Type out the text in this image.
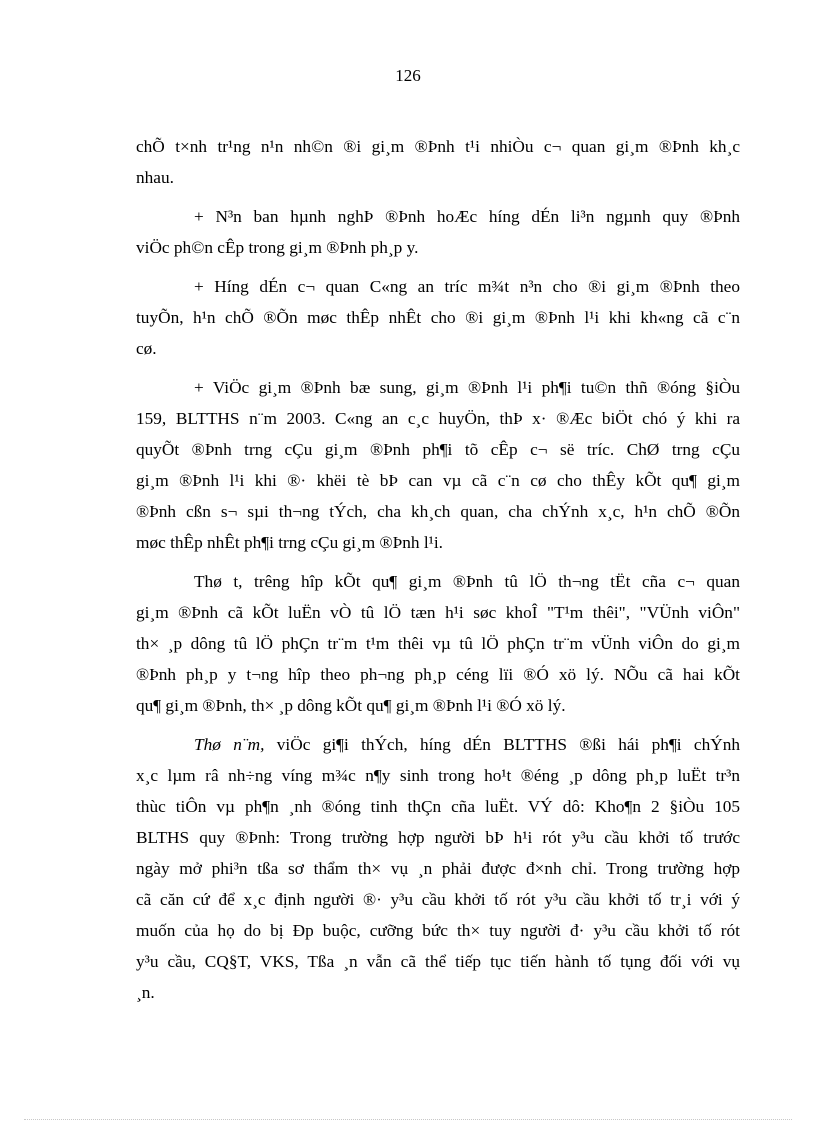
126
chÕ t×nh tr¹ng n¹n nh©n ®i gi¸m ®Þnh t¹i nhiÒu c¬ quan gi¸m ®Þnh kh¸c
nhau.
+ N³n ban hµnh nghÞ ®Þnh hoÆc híng dÉn li³n ngµnh quy ®Þnh
viÖc ph©n cÊp trong gi¸m ®Þnh ph¸p y.
+ Híng dÉn c¬ quan C«ng an tríc m¾t n³n cho ®i gi¸m ®Þnh theo
tuyÕn, h¹n chÕ ®Õn møc thÊp nhÊt cho ®i gi¸m ®Þnh l¹i khi kh«ng cã c¨n
cø.
+ ViÖc gi¸m ®Þnh bæ sung, gi¸m ®Þnh l¹i ph¶i tu©n thñ ®óng §iÒu
159, BLTTHS n¨m 2003. C«ng an c¸c huyÖn, thÞ x· ®Æc biÖt chó ý khi ra
quyÕt ®Þnh trng cÇu gi¸m ®Þnh ph¶i tõ cÊp c¬ së tríc. ChØ trng cÇu
gi¸m ®Þnh l¹i khi ®· khëi tè bÞ can vµ cã c¨n cø cho thÊy kÕt qu¶ gi¸m
®Þnh cßn s¬ sµi th¬ng tÝch, cha kh¸ch quan, cha chÝnh x¸c, h¹n chÕ ®Õn
møc thÊp nhÊt ph¶i trng cÇu gi¸m ®Þnh l¹i.
Thø t, trêng hîp kÕt qu¶ gi¸m ®Þnh tû lÖ th¬ng tËt cña c¬ quan
gi¸m ®Þnh cã kÕt luËn vÒ tû lÖ tæn h¹i søc khoÎ "T¹m thêi", "VÜnh viÔn"
th× ¸p dông tû lÖ phÇn tr¨m t¹m thêi vµ tû lÖ phÇn tr¨m vÜnh viÔn do gi¸m
®Þnh ph¸p y t¬ng hîp theo ph¬ng ph¸p céng lïi ®Ó xö lý. NÕu cã hai kÕt
qu¶ gi¸m ®Þnh, th× ¸p dông kÕt qu¶ gi¸m ®Þnh l¹i ®Ó xö lý.
Thø n¨m, viÖc gi¶i thÝch, híng dÉn BLTTHS ®ßi hái ph¶i chÝnh
x¸c lµm râ nh÷ng víng m¾c n¶y sinh trong ho¹t ®éng ¸p dông ph¸p luËt tr³n
thùc tiÔn vµ ph¶n ¸nh ®óng tinh thÇn cña luËt. VÝ dô: Kho¶n 2 §iÒu 105
BLTHS quy ®Þnh: Trong trường hợp người bÞ h¹i rót y³u cầu khởi tố trước
ngày mở phi³n tßa sơ thẩm th× vụ ¸n phải được đ×nh chỉ. Trong trường hợp
cã căn cứ để x¸c định người ®· y³u cầu khởi tố rót y³u cầu khởi tố tr¸i với ý
muốn của họ do bị Ðp buộc, cưỡng bức th× tuy người đ· y³u cầu khởi tố rót
y³u cầu, CQ§T, VKS, Tßa ¸n vẫn cã thể tiếp tục tiến hành tố tụng đối với vụ
¸n.
